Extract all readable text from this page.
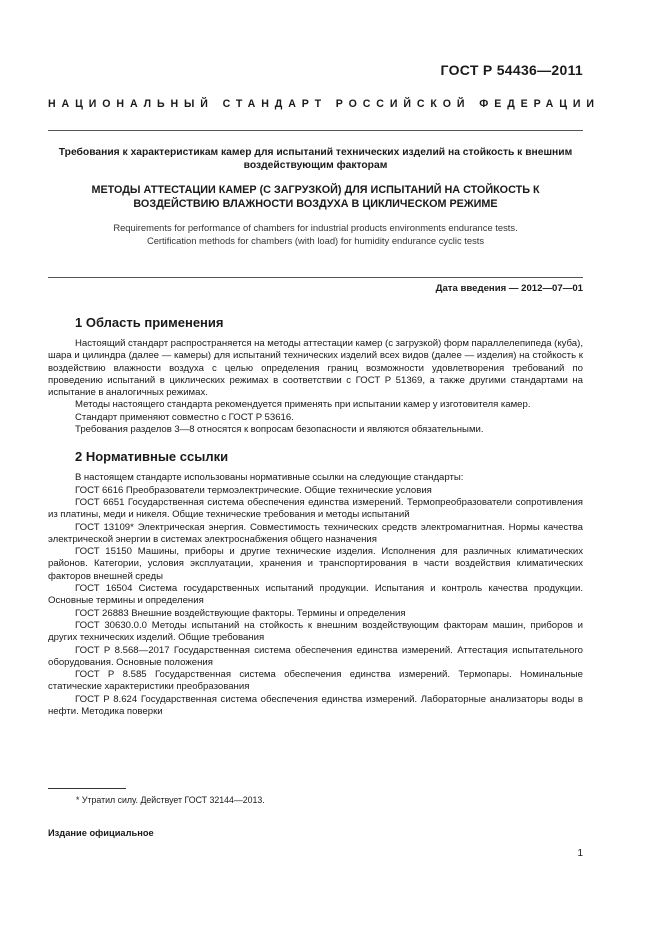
ГОСТ Р 54436—2011
НАЦИОНАЛЬНЫЙ СТАНДАРТ РОССИЙСКОЙ ФЕДЕРАЦИИ
Требования к характеристикам камер для испытаний технических изделий на стойкость к внешним воздействующим факторам
МЕТОДЫ АТТЕСТАЦИИ КАМЕР (С ЗАГРУЗКОЙ) ДЛЯ ИСПЫТАНИЙ НА СТОЙКОСТЬ К ВОЗДЕЙСТВИЮ ВЛАЖНОСТИ ВОЗДУХА В ЦИКЛИЧЕСКОМ РЕЖИМЕ
Requirements for performance of chambers for industrial products environments endurance tests.
Certification methods for chambers (with load) for humidity endurance cyclic tests
Дата введения — 2012—07—01
1 Область применения

Настоящий стандарт распространяется на методы аттестации камер (с загрузкой) форм параллелепипеда (куба), шара и цилиндра (далее — камеры) для испытаний технических изделий всех видов (далее — изделия) на стойкость к воздействию влажности воздуха с целью определения границ возможности удовлетворения требований по проведению испытаний в циклических режимах в соответствии с ГОСТ Р 51369, а также другими стандартами на испытание в аналогичных режимах.

Методы настоящего стандарта рекомендуется применять при испытании камер у изготовителя камер.

Стандарт применяют совместно с ГОСТ Р 53616.

Требования разделов 3—8 относятся к вопросам безопасности и являются обязательными.

2 Нормативные ссылки

В настоящем стандарте использованы нормативные ссылки на следующие стандарты:

ГОСТ 6616 Преобразователи термоэлектрические. Общие технические условия

ГОСТ 6651 Государственная система обеспечения единства измерений. Термопреобразователи сопротивления из платины, меди и никеля. Общие технические требования и методы испытаний

ГОСТ 13109* Электрическая энергия. Совместимость технических средств электромагнитная. Нормы качества электрической энергии в системах электроснабжения общего назначения

ГОСТ 15150 Машины, приборы и другие технические изделия. Исполнения для различных климатических районов. Категории, условия эксплуатации, хранения и транспортирования в части воздействия климатических факторов внешней среды

ГОСТ 16504 Система государственных испытаний продукции. Испытания и контроль качества продукции. Основные термины и определения

ГОСТ 26883 Внешние воздействующие факторы. Термины и определения

ГОСТ 30630.0.0 Методы испытаний на стойкость к внешним воздействующим факторам машин, приборов и других технических изделий. Общие требования

ГОСТ Р 8.568—2017 Государственная система обеспечения единства измерений. Аттестация испытательного оборудования. Основные положения

ГОСТ Р 8.585 Государственная система обеспечения единства измерений. Термопары. Номинальные статические характеристики преобразования

ГОСТ Р 8.624 Государственная система обеспечения единства измерений. Лабораторные анализаторы воды в нефти. Методика поверки

* Утратил силу. Действует ГОСТ 32144—2013.
Издание официальное
1
